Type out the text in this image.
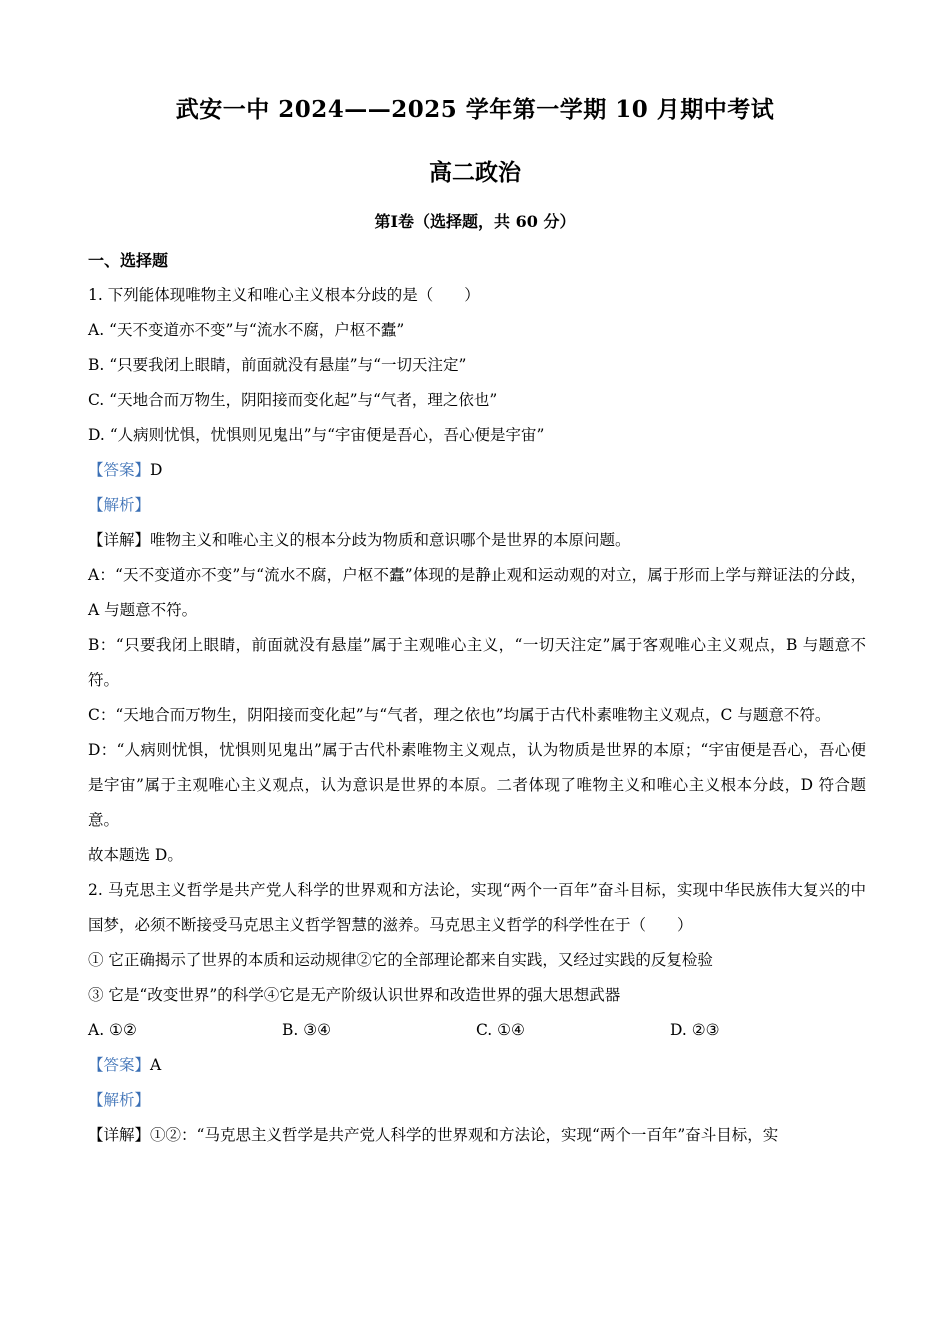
武安一中 2024——2025 学年第一学期 10 月期中考试
高二政治
第Ⅰ卷（选择题，共 60 分）
一、选择题
1. 下列能体现唯物主义和唯心主义根本分歧的是（　　）
A. “天不变道亦不变”与“流水不腐，户枢不蠹”
B. “只要我闭上眼睛，前面就没有悬崖”与“一切天注定”
C. “天地合而万物生，阴阳接而变化起”与“气者，理之依也”
D. “人病则忧惧，忧惧则见鬼出”与“宇宙便是吾心，吾心便是宇宙”
【答案】D
【解析】
【详解】唯物主义和唯心主义的根本分歧为物质和意识哪个是世界的本原问题。
A：“天不变道亦不变”与“流水不腐，户枢不蠹”体现的是静止观和运动观的对立，属于形而上学与辩证法的分歧，A 与题意不符。
B：“只要我闭上眼睛，前面就没有悬崖”属于主观唯心主义，“一切天注定”属于客观唯心主义观点，B 与题意不符。
C：“天地合而万物生，阴阳接而变化起”与“气者，理之依也”均属于古代朴素唯物主义观点，C 与题意不符。
D：“人病则忧惧，忧惧则见鬼出”属于古代朴素唯物主义观点，认为物质是世界的本原；“宇宙便是吾心，吾心便是宇宙”属于主观唯心主义观点，认为意识是世界的本原。二者体现了唯物主义和唯心主义根本分歧，D 符合题意。
故本题选 D。
2. 马克思主义哲学是共产党人科学的世界观和方法论，实现“两个一百年”奋斗目标，实现中华民族伟大复兴的中国梦，必须不断接受马克思主义哲学智慧的滋养。马克思主义哲学的科学性在于（　　）
① 它正确揭示了世界的本质和运动规律②它的全部理论都来自实践，又经过实践的反复检验
③ 它是“改变世界”的科学④它是无产阶级认识世界和改造世界的强大思想武器
A. ①②	B. ③④	C. ①④	D. ②③
【答案】A
【解析】
【详解】①②：“马克思主义哲学是共产党人科学的世界观和方法论，实现“两个一百年”奋斗目标，实
